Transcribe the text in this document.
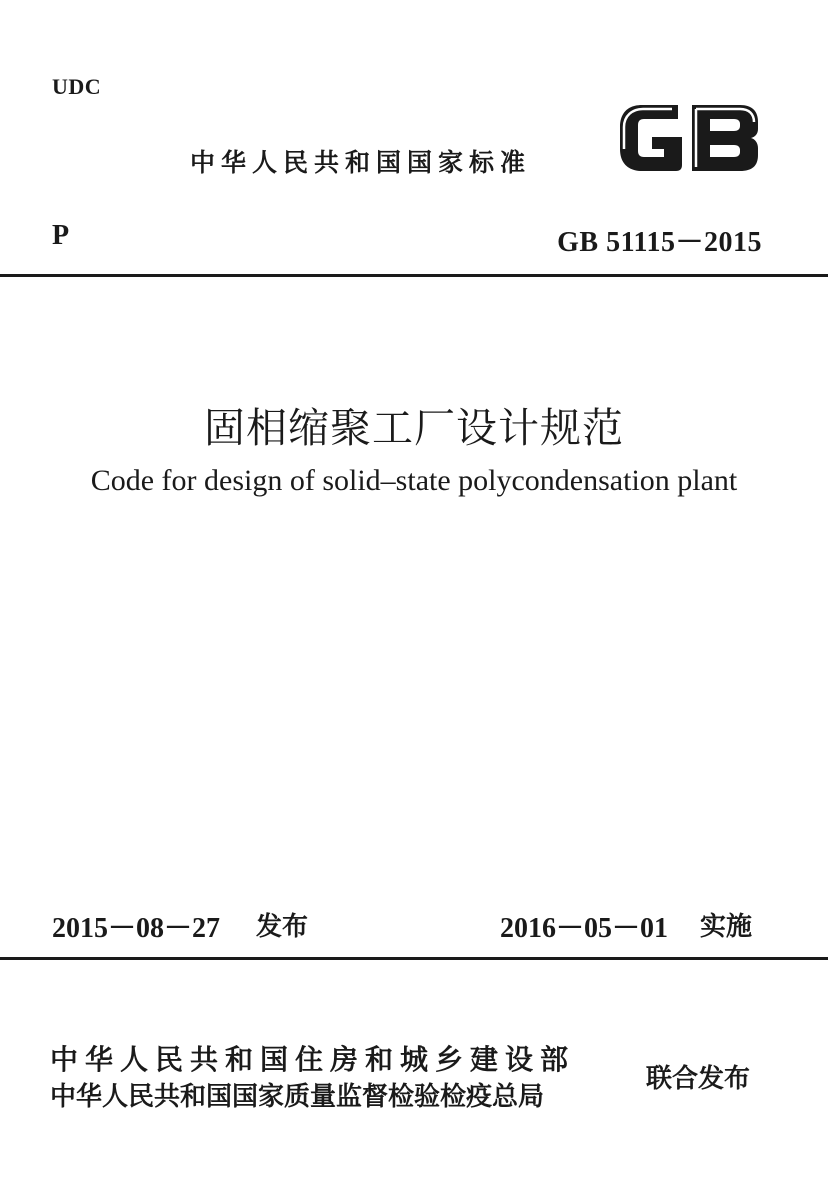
UDC
中华人民共和国国家标准
P	GB 51115－2015
固相缩聚工厂设计规范
Code for design of solid–state polycondensation plant
2015－08－27 发布	2016－05－01 实施
中华人民共和国住房和城乡建设部
中华人民共和国国家质量监督检验检疫总局
联合发布
